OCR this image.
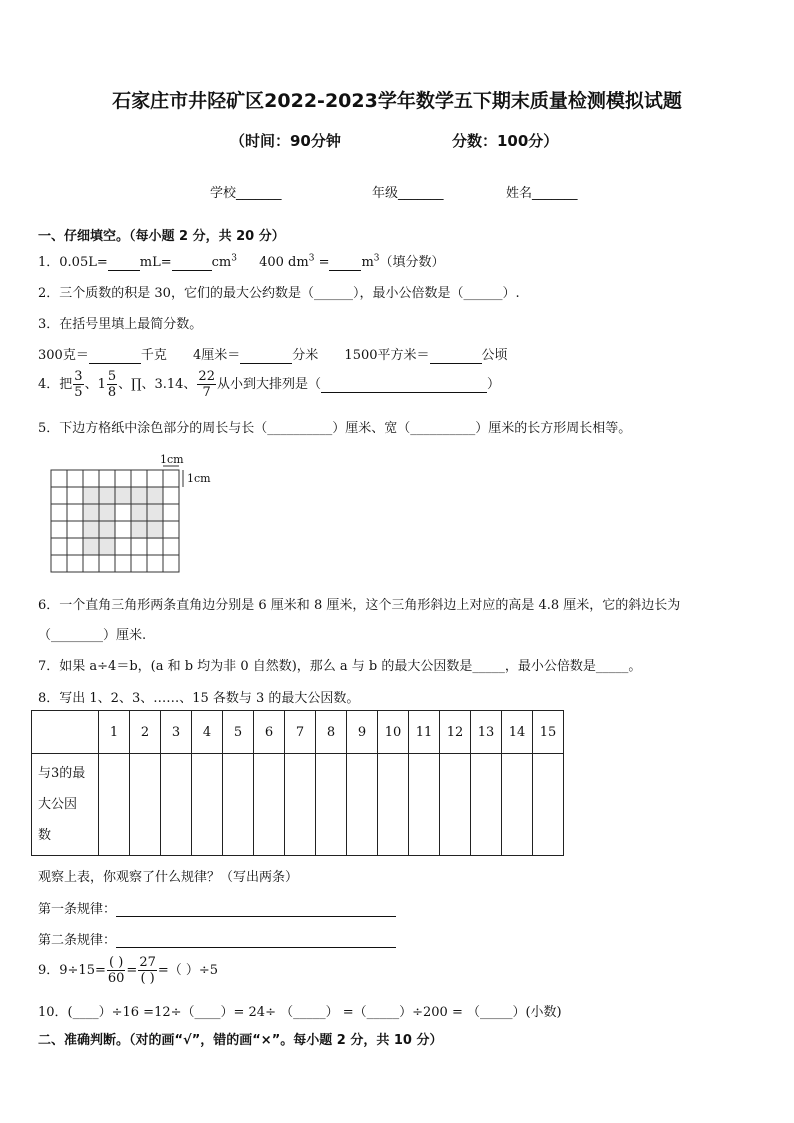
石家庄市井陉矿区2022-2023学年数学五下期末质量检测模拟试题
（时间：90分钟	分数：100分）
学校_______	年级_______	姓名_______
一、仔细填空。（每小题 2 分，共 20 分）
1．0.05L= mL=	$cm^3$ 400 $dm^3 = m^3$（填分数）
2．三个质数的积是 30，它们的最大公约数是（______），最小公倍数是（______）.
3．在括号里填上最简分数。
300克＝	千克 4厘米＝	分米 1500平方米＝	公顷
4．把 $\frac{3}{5}$ 、$1 \frac{5}{8}$ 、∏、3.14、 $\frac{22}{7}$ 从小到大排列是（	）
5．下边方格纸中涂色部分的周长与长（__________）厘米、宽（__________）厘米的长方形周长相等。
1cm
1cm
6．一个直角三角形两条直角边分别是 6 厘米和 8 厘米，这个三角形斜边上对应的高是 4.8 厘米，它的斜边长为
（________）厘米.
7．如果 a÷4＝b，(a 和 b 均为非 0 自然数)，那么 a 与 b 的最大公因数是_____，最小公倍数是_____。
8．写出 1、2、3、……、15 各数与 3 的最大公因数。
	1	2	3	4	5	6	7	8	9	10	11	12	13	14	15
与3的最
大公因
数															
观察上表，你观察了什么规律？（写出两条）
第一条规律：
第二条规律：
9．$9\div 15= \frac{( )}{60} = \frac{27}{( )}$ =（ ）÷5
10．(____）÷16 =12÷（____）= 24÷ （_____） =（_____）÷200 = （_____）(小数)
二、准确判断。（对的画“√”，错的画“×”。每小题 2 分，共 10 分）
